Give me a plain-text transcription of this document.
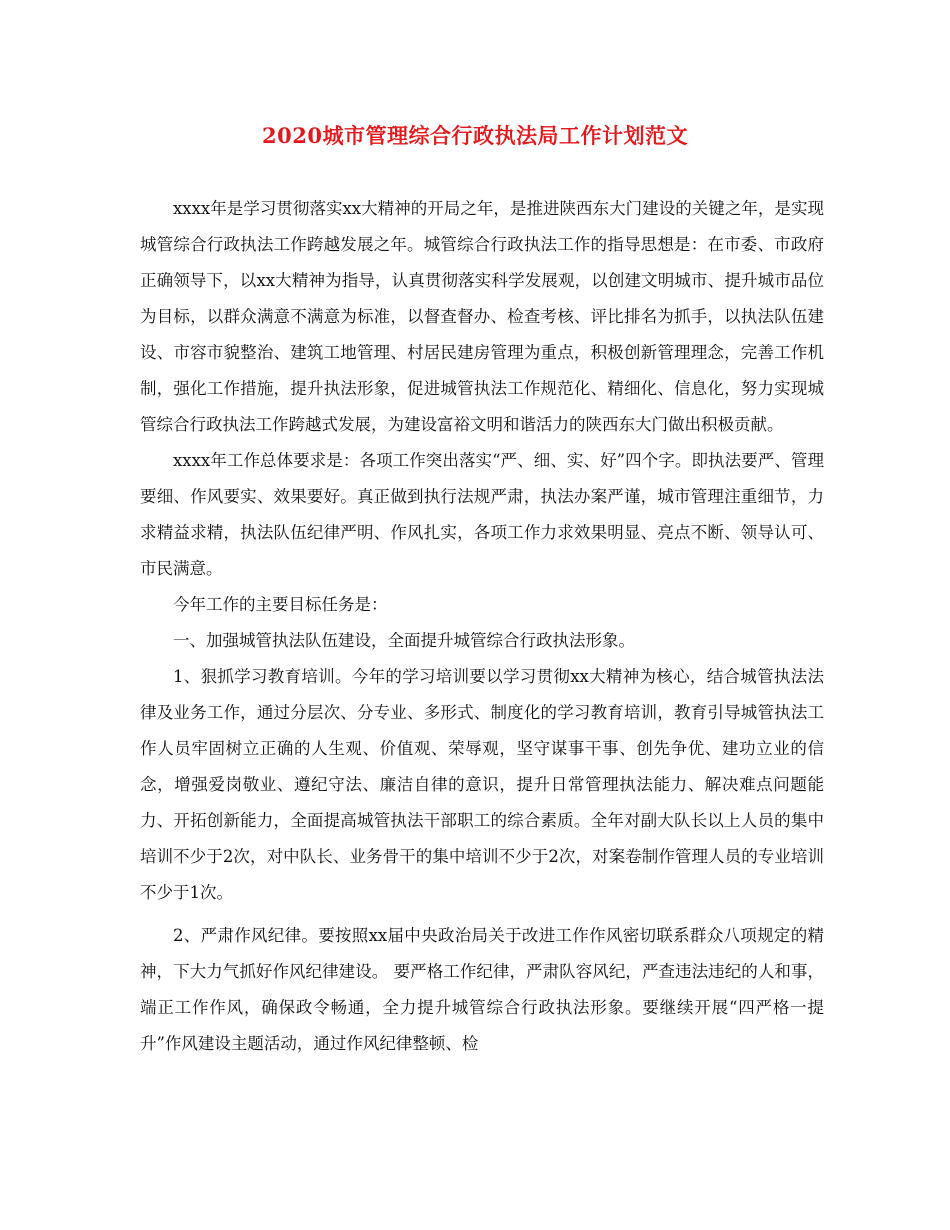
2020城市管理综合行政执法局工作计划范文

xxxx年是学习贯彻落实xx大精神的开局之年，是推进陕西东大门建设的关键之年，是实现城管综合行政执法工作跨越发展之年。城管综合行政执法工作的指导思想是：在市委、市政府正确领导下，以xx大精神为指导，认真贯彻落实科学发展观，以创建文明城市、提升城市品位为目标，以群众满意不满意为标准，以督查督办、检查考核、评比排名为抓手，以执法队伍建设、市容市貌整治、建筑工地管理、村居民建房管理为重点，积极创新管理理念，完善工作机制，强化工作措施，提升执法形象，促进城管执法工作规范化、精细化、信息化，努力实现城管综合行政执法工作跨越式发展，为建设富裕文明和谐活力的陕西东大门做出积极贡献。

xxxx年工作总体要求是：各项工作突出落实“严、细、实、好”四个字。即执法要严、管理要细、作风要实、效果要好。真正做到执行法规严肃，执法办案严谨，城市管理注重细节，力求精益求精，执法队伍纪律严明、作风扎实，各项工作力求效果明显、亮点不断、领导认可、市民满意。

今年工作的主要目标任务是：

一、加强城管执法队伍建设，全面提升城管综合行政执法形象。

1、狠抓学习教育培训。今年的学习培训要以学习贯彻xx大精神为核心，结合城管执法法律及业务工作，通过分层次、分专业、多形式、制度化的学习教育培训，教育引导城管执法工作人员牢固树立正确的人生观、价值观、荣辱观，坚守谋事干事、创先争优、建功立业的信念，增强爱岗敬业、遵纪守法、廉洁自律的意识，提升日常管理执法能力、解决难点问题能力、开拓创新能力，全面提高城管执法干部职工的综合素质。全年对副大队长以上人员的集中培训不少于2次，对中队长、业务骨干的集中培训不少于2次，对案卷制作管理人员的专业培训不少于1次。

2、严肃作风纪律。要按照xx届中央政治局关于改进工作作风密切联系群众八项规定的精神，下大力气抓好作风纪律建设。 要严格工作纪律，严肃队容风纪，严查违法违纪的人和事，端正工作作风，确保政令畅通，全力提升城管综合行政执法形象。要继续开展“四严格一提升”作风建设主题活动，通过作风纪律整顿、检
